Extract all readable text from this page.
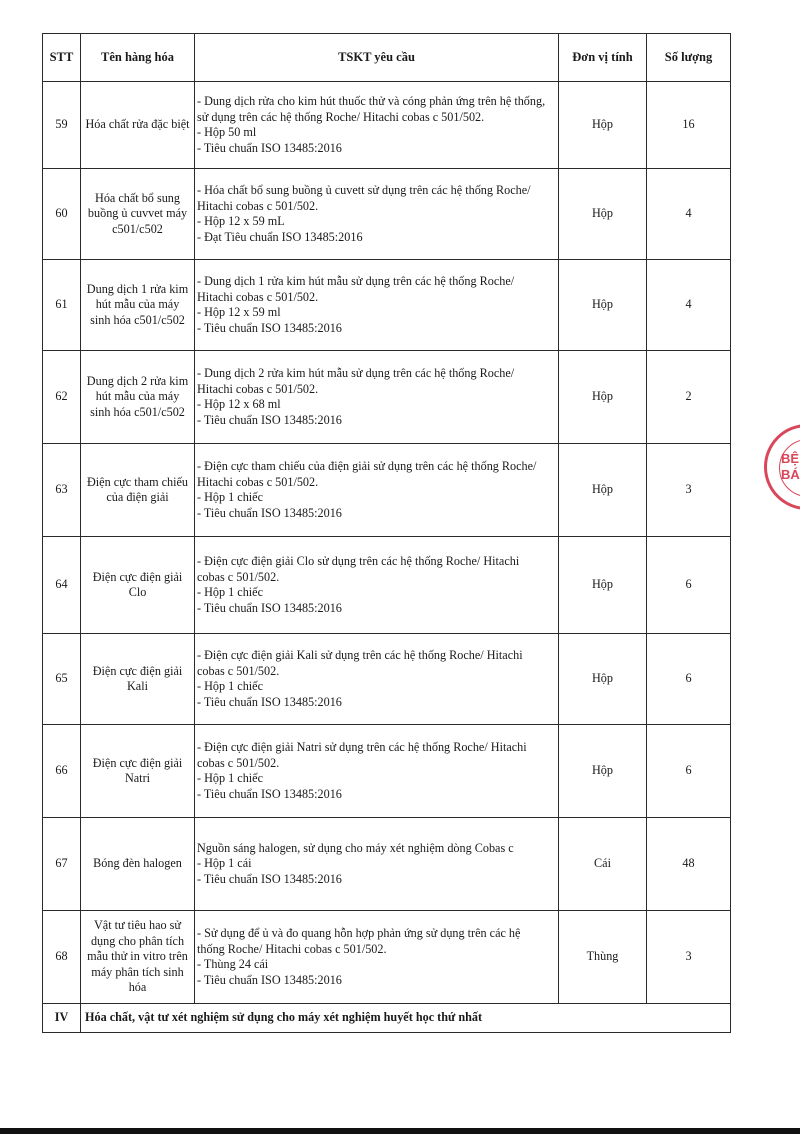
STT	Tên hàng hóa	TSKT yêu cầu	Đơn vị tính	Số lượng
59	Hóa chất rửa đặc biệt	- Dung dịch rửa cho kim hút thuốc thử và cóng phản ứng trên hệ thống,
sử dụng trên các hệ thống Roche/ Hitachi cobas c 501/502.
- Hộp 50 ml
- Tiêu chuẩn ISO 13485:2016	Hộp	16
60	Hóa chất bổ sung
buồng ủ cuvvet máy
c501/c502	- Hóa chất bổ sung buồng ủ cuvett sử dụng trên các hệ thống Roche/
Hitachi cobas c 501/502.
- Hộp 12 x 59 mL
- Đạt Tiêu chuẩn ISO 13485:2016	Hộp	4
61	Dung dịch 1 rửa kim
hút mẫu của máy
sinh hóa c501/c502	- Dung dịch 1 rửa kim hút mẫu sử dụng trên các hệ thống Roche/
Hitachi cobas c 501/502.
- Hộp 12 x 59 ml
- Tiêu chuẩn ISO 13485:2016	Hộp	4
62	Dung dịch 2 rửa kim
hút mẫu của máy
sinh hóa c501/c502	- Dung dịch 2 rửa kim hút mẫu sử dụng trên các hệ thống Roche/
Hitachi cobas c 501/502.
- Hộp 12 x 68 ml
- Tiêu chuẩn ISO 13485:2016	Hộp	2
63	Điện cực tham chiếu
của điện giải	- Điện cực tham chiếu của điện giải sử dụng trên các hệ thống Roche/
Hitachi cobas c 501/502.
- Hộp 1 chiếc
- Tiêu chuẩn ISO 13485:2016	Hộp	3
64	Điện cực điện giải
Clo	- Điện cực điện giải Clo sử dụng trên các hệ thống Roche/ Hitachi
cobas c 501/502.
- Hộp 1 chiếc
- Tiêu chuẩn ISO 13485:2016	Hộp	6
65	Điện cực điện giải
Kali	- Điện cực điện giải Kali sử dụng trên các hệ thống Roche/ Hitachi
cobas c 501/502.
- Hộp 1 chiếc
- Tiêu chuẩn ISO 13485:2016	Hộp	6
66	Điện cực điện giải
Natri	- Điện cực điện giải Natri sử dụng trên các hệ thống Roche/ Hitachi
cobas c 501/502.
- Hộp 1 chiếc
- Tiêu chuẩn ISO 13485:2016	Hộp	6
67	Bóng đèn halogen	Nguồn sáng halogen, sử dụng cho máy xét nghiệm dòng Cobas c
- Hộp 1 cái
- Tiêu chuẩn ISO 13485:2016	Cái	48
68	Vật tư tiêu hao sử
dụng cho phân tích
mẫu thử in vitro trên
máy phân tích sinh
hóa	- Sử dụng để ủ và đo quang hỗn hợp phản ứng sử dụng trên các hệ
thống Roche/ Hitachi cobas c 501/502.
- Thùng 24 cái
- Tiêu chuẩn ISO 13485:2016	Thùng	3
IV	Hóa chất, vật tư xét nghiệm sử dụng cho máy xét nghiệm huyết học thứ nhất			
BỆ
BÁ
